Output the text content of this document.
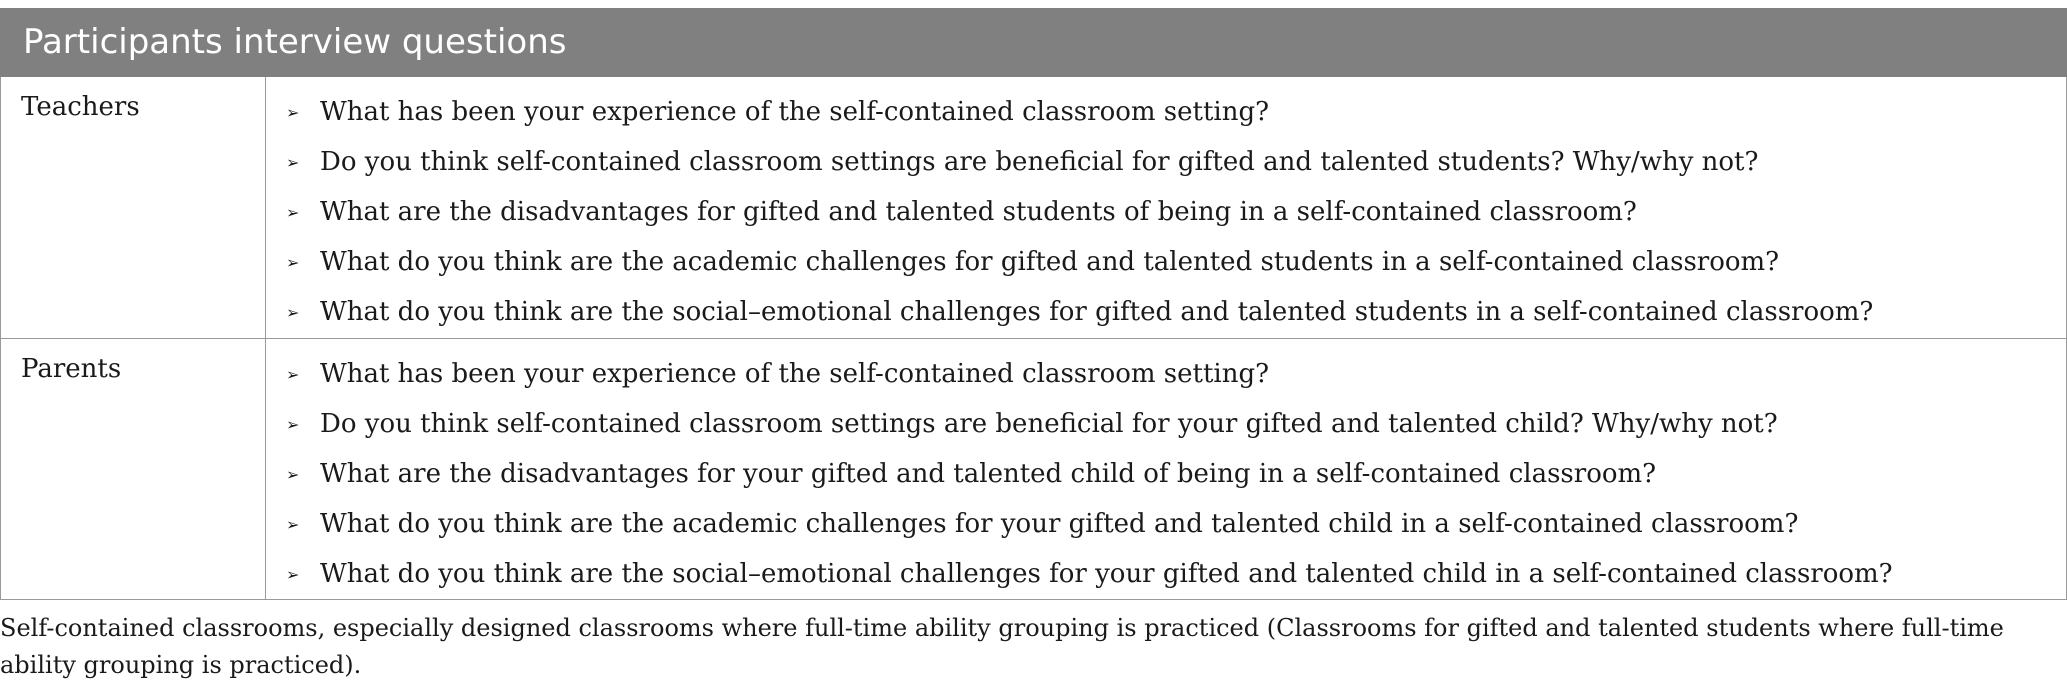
Participants interview questions
Teachers	➢ What has been your experience of the self-contained classroom setting?
➢ Do you think self-contained classroom settings are beneficial for gifted and talented students? Why/why not?
➢ What are the disadvantages for gifted and talented students of being in a self-contained classroom?
➢ What do you think are the academic challenges for gifted and talented students in a self-contained classroom?
➢ What do you think are the social–emotional challenges for gifted and talented students in a self-contained classroom?
Parents	➢ What has been your experience of the self-contained classroom setting?
➢ Do you think self-contained classroom settings are beneficial for your gifted and talented child? Why/why not?
➢ What are the disadvantages for your gifted and talented child of being in a self-contained classroom?
➢ What do you think are the academic challenges for your gifted and talented child in a self-contained classroom?
➢ What do you think are the social–emotional challenges for your gifted and talented child in a self-contained classroom?
Self-contained classrooms, especially designed classrooms where full-time ability grouping is practiced (Classrooms for gifted and talented students where full-time ability grouping is practiced).
